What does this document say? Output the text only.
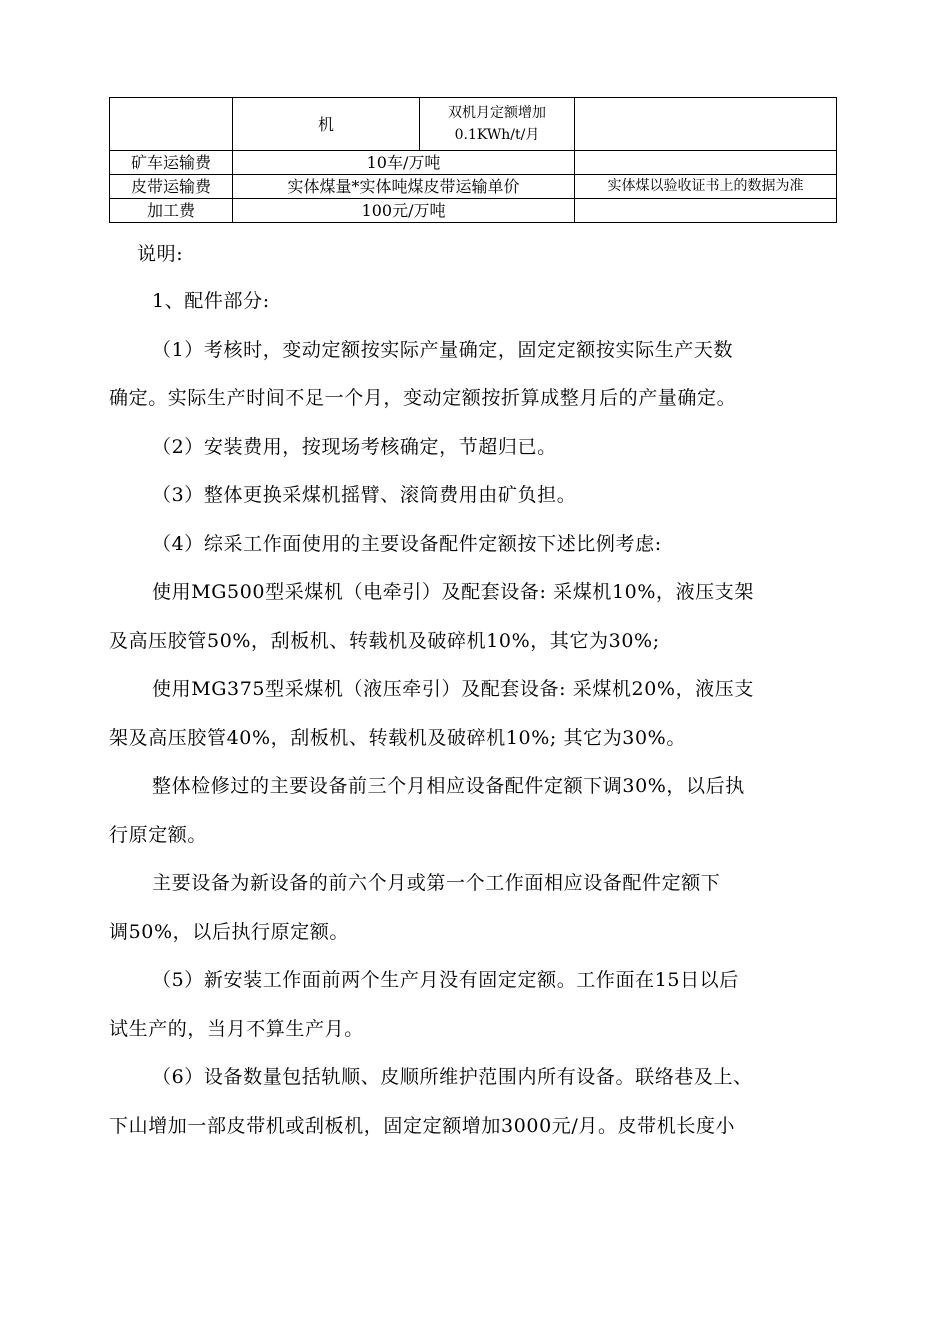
	机	双机月定额增加
0.1KWh/t/月	

矿车运输费	10车/万吨		
皮带运输费	实体煤量*实体吨煤皮带运输单价		实体煤以验收证书上的数据为准
加工费	100元/万吨		

说明:

1、配件部分:

（1）考核时，变动定额按实际产量确定，固定定额按实际生产天数

确定。实际生产时间不足一个月，变动定额按折算成整月后的产量确定。

（2）安装费用，按现场考核确定，节超归已。

（3）整体更换采煤机摇臂、滚筒费用由矿负担。

（4）综采工作面使用的主要设备配件定额按下述比例考虑:

使用MG500型采煤机（电牵引）及配套设备: 采煤机10%，液压支架

及高压胶管50%，刮板机、转载机及破碎机10%，其它为30%;

使用MG375型采煤机（液压牵引）及配套设备: 采煤机20%，液压支

架及高压胶管40%，刮板机、转载机及破碎机10%; 其它为30%。

整体检修过的主要设备前三个月相应设备配件定额下调30%，以后执

行原定额。

主要设备为新设备的前六个月或第一个工作面相应设备配件定额下

调50%，以后执行原定额。

（5）新安装工作面前两个生产月没有固定定额。工作面在15日以后

试生产的，当月不算生产月。

（6）设备数量包括轨顺、皮顺所维护范围内所有设备。联络巷及上、

下山增加一部皮带机或刮板机，固定定额增加3000元/月。皮带机长度小
